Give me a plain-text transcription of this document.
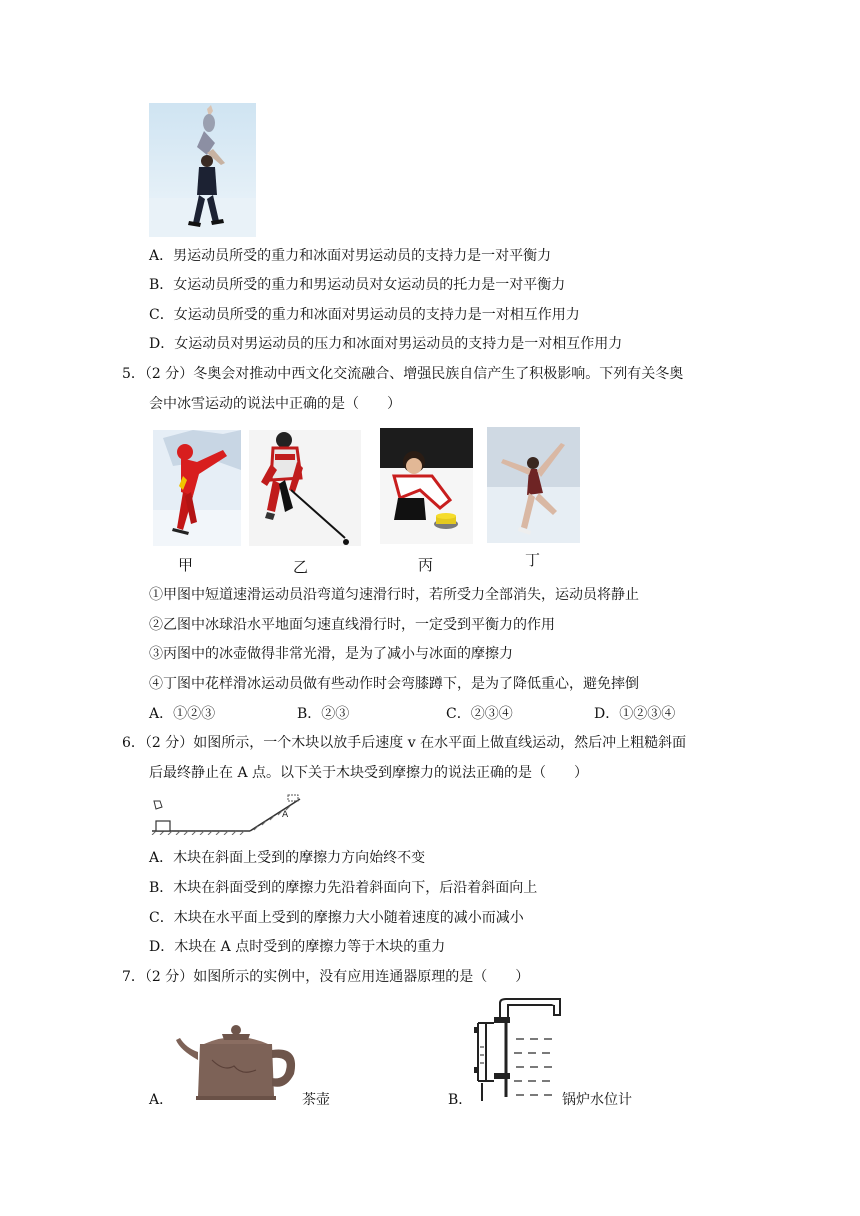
A．男运动员所受的重力和冰面对男运动员的支持力是一对平衡力
B．女运动员所受的重力和男运动员对女运动员的托力是一对平衡力
C．女运动员所受的重力和冰面对男运动员的支持力是一对相互作用力
D．女运动员对男运动员的压力和冰面对男运动员的支持力是一对相互作用力
5．（2 分）冬奥会对推动中西文化交流融合、增强民族自信产生了积极影响。下列有关冬奥
会中冰雪运动的说法中正确的是（　　）
甲	乙	丙	丁
①甲图中短道速滑运动员沿弯道匀速滑行时，若所受力全部消失，运动员将静止
②乙图中冰球沿水平地面匀速直线滑行时，一定受到平衡力的作用
③丙图中的冰壶做得非常光滑，是为了减小与冰面的摩擦力
④丁图中花样滑冰运动员做有些动作时会弯膝蹲下，是为了降低重心，避免摔倒
A．①②③	B．②③	C．②③④	D．①②③④
6．（2 分）如图所示，一个木块以放手后速度 v 在水平面上做直线运动，然后冲上粗糙斜面
后最终静止在 A 点。以下关于木块受到摩擦力的说法正确的是（　　）
A
A．木块在斜面上受到的摩擦力方向始终不变
B．木块在斜面受到的摩擦力先沿着斜面向下，后沿着斜面向上
C．木块在水平面上受到的摩擦力大小随着速度的减小而减小
D．木块在 A 点时受到的摩擦力等于木块的重力
7．（2 分）如图所示的实例中，没有应用连通器原理的是（　　）
A．	茶壶	B．	锅炉水位计
